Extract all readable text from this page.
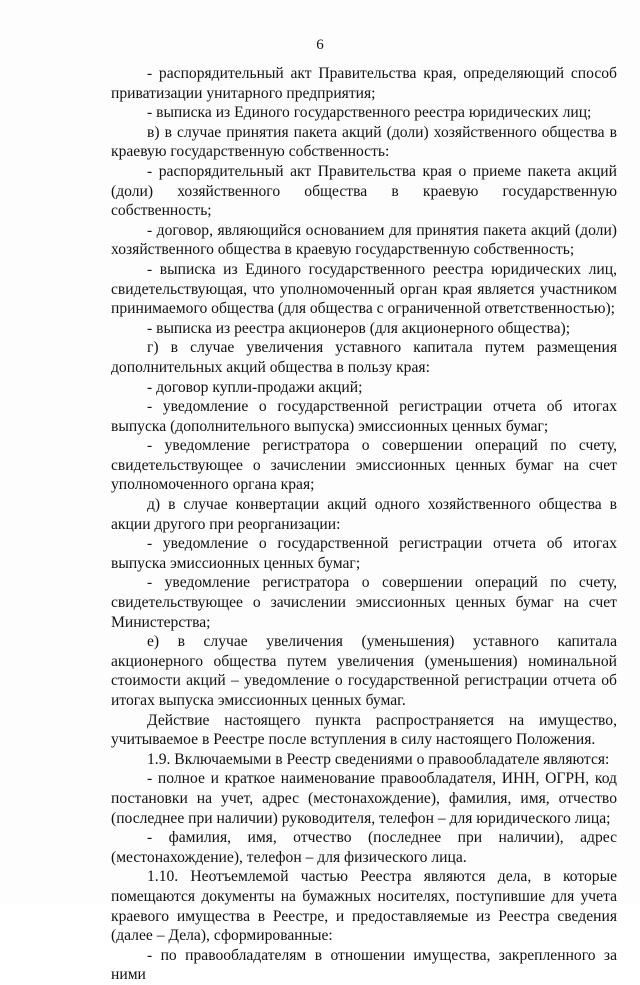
6

- распорядительный акт Правительства края, определяющий способ приватизации унитарного предприятия;

- выписка из Единого государственного реестра юридических лиц;

в) в случае принятия пакета акций (доли) хозяйственного общества в краевую государственную собственность:

- распорядительный акт Правительства края о приеме пакета акций (доли) хозяйственного общества в краевую государственную собственность;

- договор, являющийся основанием для принятия пакета акций (доли) хозяйственного общества в краевую государственную собственность;

- выписка из Единого государственного реестра юридических лиц, свидетельствующая, что уполномоченный орган края является участником принимаемого общества (для общества с ограниченной ответственностью);

- выписка из реестра акционеров (для акционерного общества);

г) в случае увеличения уставного капитала путем размещения дополнительных акций общества в пользу края:

- договор купли-продажи акций;

- уведомление о государственной регистрации отчета об итогах выпуска (дополнительного выпуска) эмиссионных ценных бумаг;

- уведомление регистратора о совершении операций по счету, свидетельствующее о зачислении эмиссионных ценных бумаг на счет уполномоченного органа края;

д) в случае конвертации акций одного хозяйственного общества в акции другого при реорганизации:

- уведомление о государственной регистрации отчета об итогах выпуска эмиссионных ценных бумаг;

- уведомление регистратора о совершении операций по счету, свидетельствующее о зачислении эмиссионных ценных бумаг на счет Министерства;

е) в случае увеличения (уменьшения) уставного капитала акционерного общества путем увеличения (уменьшения) номинальной стоимости акций – уведомление о государственной регистрации отчета об итогах выпуска эмиссионных ценных бумаг.

Действие настоящего пункта распространяется на имущество, учитываемое в Реестре после вступления в силу настоящего Положения.

1.9. Включаемыми в Реестр сведениями о правообладателе являются:

- полное и краткое наименование правообладателя, ИНН, ОГРН, код постановки на учет, адрес (местонахождение), фамилия, имя, отчество (последнее при наличии) руководителя, телефон – для юридического лица;

- фамилия, имя, отчество (последнее при наличии), адрес (местонахождение), телефон – для физического лица.

1.10. Неотъемлемой частью Реестра являются дела, в которые помещаются документы на бумажных носителях, поступившие для учета краевого имущества в Реестре, и предоставляемые из Реестра сведения (далее – Дела), сформированные:

- по правообладателям в отношении имущества, закрепленного за ними
